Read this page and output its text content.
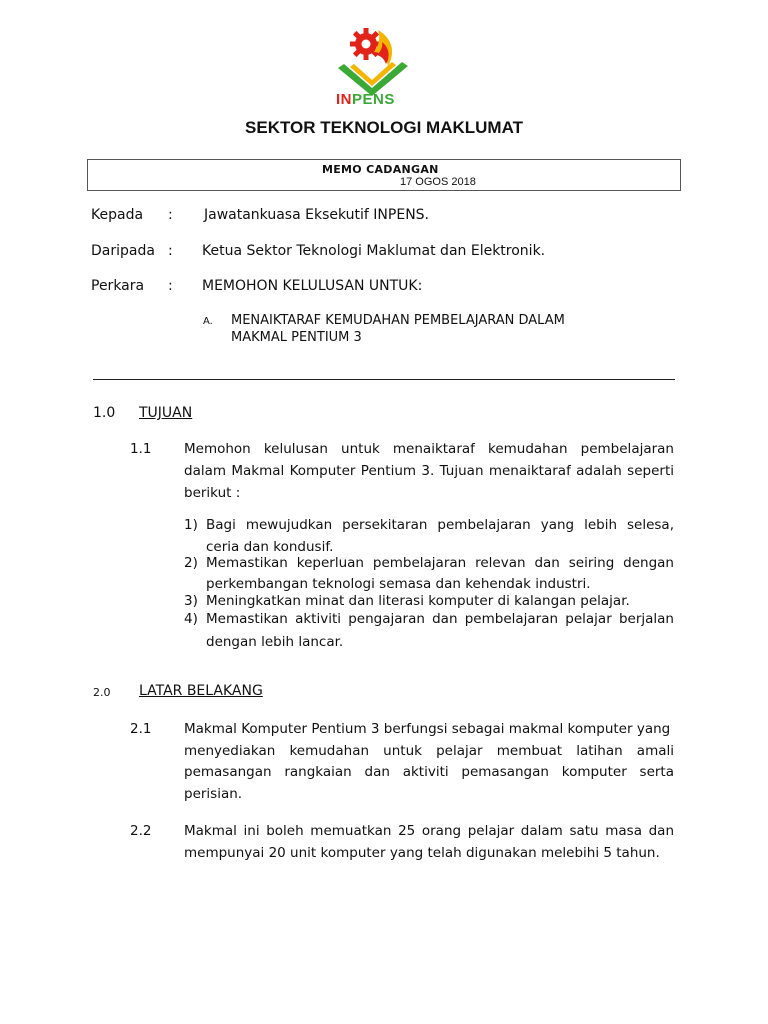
INPENS
SEKTOR TEKNOLOGI MAKLUMAT
MEMO CADANGAN
17 OGOS 2018
Kepada : Jawatankuasa Eksekutif INPENS.
Daripada : Ketua Sektor Teknologi Maklumat dan Elektronik.
Perkara : MEMOHON KELULUSAN UNTUK:
A. MENAIKTARAF KEMUDAHAN PEMBELAJARAN DALAM
MAKMAL PENTIUM 3
1.0 TUJUAN
1.1 Memohon kelulusan untuk menaiktaraf kemudahan pembelajaran
dalam Makmal Komputer Pentium 3. Tujuan menaiktaraf adalah seperti
berikut :
1) Bagi mewujudkan persekitaran pembelajaran yang lebih selesa,
ceria dan kondusif.
2) Memastikan keperluan pembelajaran relevan dan seiring dengan
perkembangan teknologi semasa dan kehendak industri.
3) Meningkatkan minat dan literasi komputer di kalangan pelajar.
4) Memastikan aktiviti pengajaran dan pembelajaran pelajar berjalan
dengan lebih lancar.
2.0 LATAR BELAKANG
2.1 Makmal Komputer Pentium 3 berfungsi sebagai makmal komputer yang
menyediakan kemudahan untuk pelajar membuat latihan amali
pemasangan rangkaian dan aktiviti pemasangan komputer serta
perisian.
2.2 Makmal ini boleh memuatkan 25 orang pelajar dalam satu masa dan
mempunyai 20 unit komputer yang telah digunakan melebihi 5 tahun.
